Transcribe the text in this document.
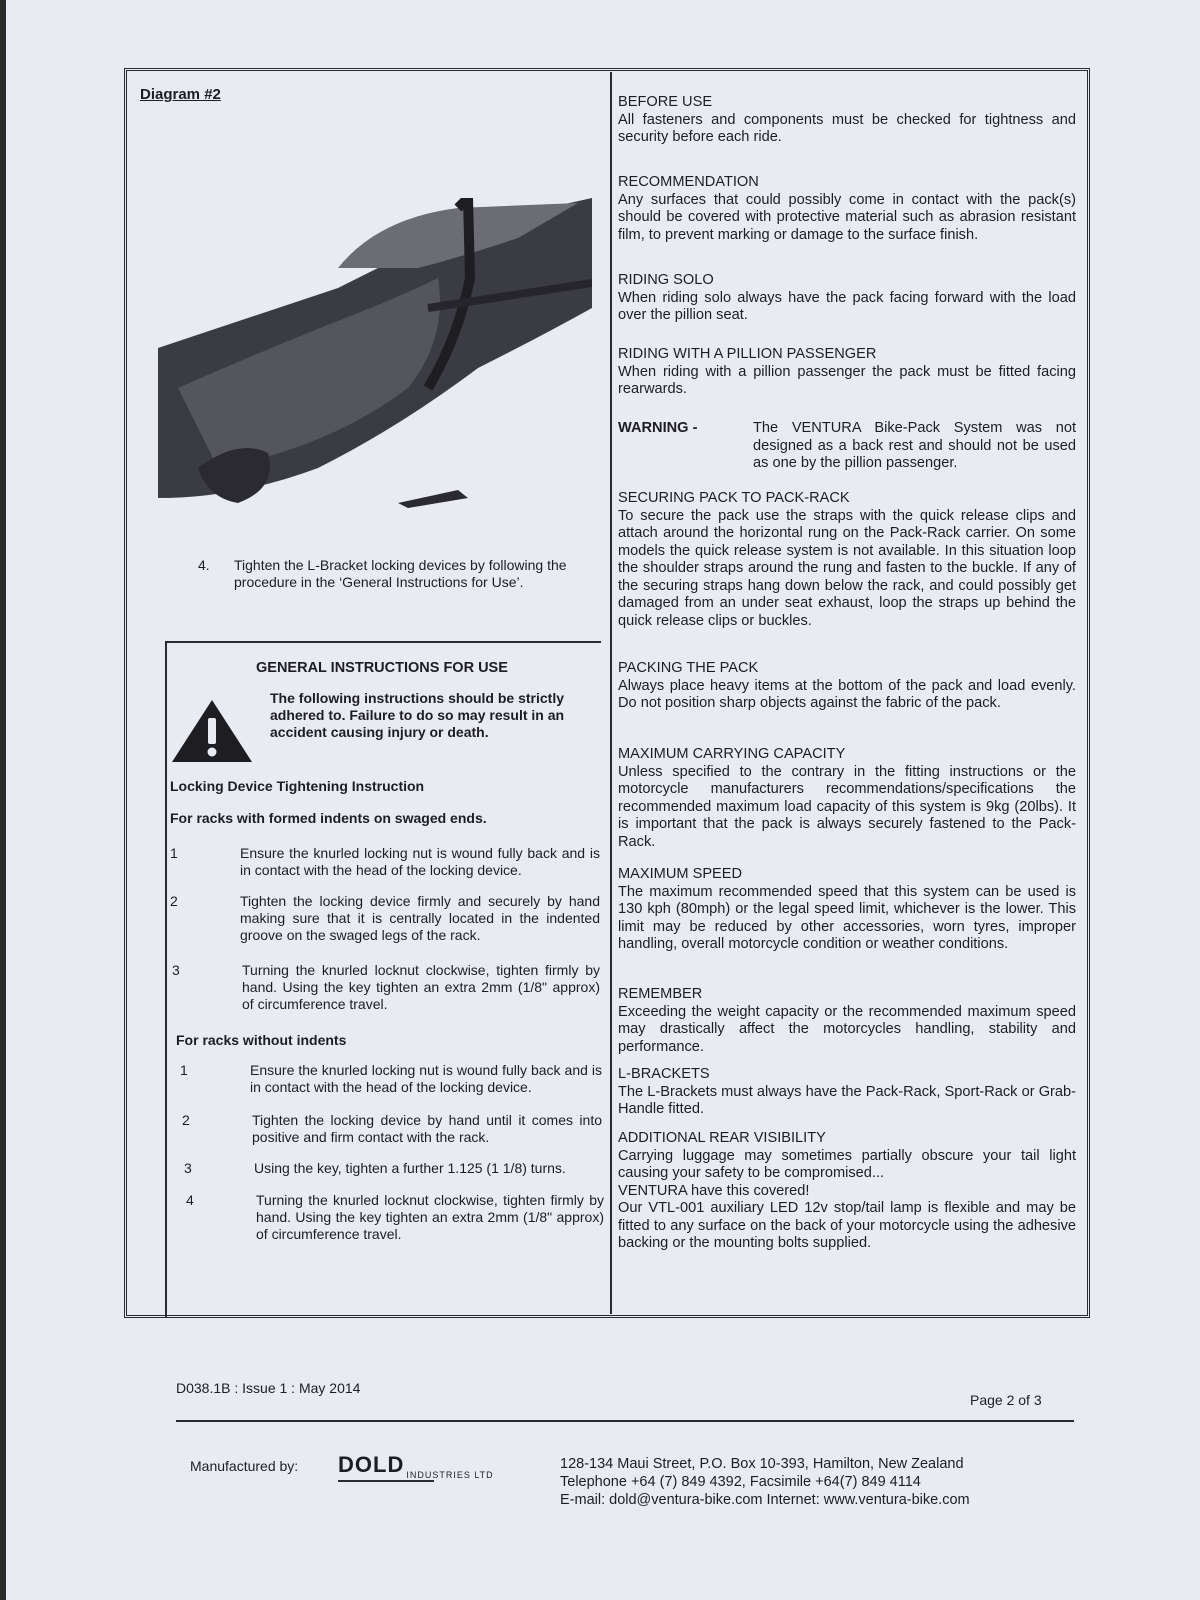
Diagram #2
4. Tighten the L-Bracket locking devices by following the procedure in the ‘General Instructions for Use’.
GENERAL INSTRUCTIONS FOR USE
The following instructions should be strictly adhered to. Failure to do so may result in an accident causing injury or death.
Locking Device Tightening Instruction
For racks with formed indents on swaged ends.
1	Ensure the knurled locking nut is wound fully back and is in contact with the head of the locking device.
2	Tighten the locking device firmly and securely by hand making sure that it is centrally located in the indented groove on the swaged legs of the rack.
3	Turning the knurled locknut clockwise, tighten firmly by hand. Using the key tighten an extra 2mm (1/8" approx) of circumference travel.
For racks without indents
1	Ensure the knurled locking nut is wound fully back and is in contact with the head of the locking device.
2	Tighten the locking device by hand until it comes into positive and firm contact with the rack.
3	Using the key, tighten a further 1.125 (1 1/8) turns.
4	Turning the knurled locknut clockwise, tighten firmly by hand. Using the key tighten an extra 2mm (1/8" approx) of circumference travel.
BEFORE USE
All fasteners and components must be checked for tightness and security before each ride.
RECOMMENDATION
Any surfaces that could possibly come in contact with the pack(s) should be covered with protective material such as abrasion resistant film, to prevent marking or damage to the surface finish.
RIDING SOLO
When riding solo always have the pack facing forward with the load over the pillion seat.
RIDING WITH A PILLION PASSENGER
When riding with a pillion passenger the pack must be fitted facing rearwards.
WARNING -	The VENTURA Bike-Pack System was not designed as a back rest and should not be used as one by the pillion passenger.
SECURING PACK TO PACK-RACK
To secure the pack use the straps with the quick release clips and attach around the horizontal rung on the Pack-Rack carrier. On some models the quick release system is not available. In this situation loop the shoulder straps around the rung and fasten to the buckle. If any of the securing straps hang down below the rack, and could possibly get damaged from an under seat exhaust, loop the straps up behind the quick release clips or buckles.
PACKING THE PACK
Always place heavy items at the bottom of the pack and load evenly. Do not position sharp objects against the fabric of the pack.
MAXIMUM CARRYING CAPACITY
Unless specified to the contrary in the fitting instructions or the motorcycle manufacturers recommendations/specifications the recommended maximum load capacity of this system is 9kg (20lbs). It is important that the pack is always securely fastened to the Pack-Rack.
MAXIMUM SPEED
The maximum recommended speed that this system can be used is 130 kph (80mph) or the legal speed limit, whichever is the lower. This limit may be reduced by other accessories, worn tyres, improper handling, overall motorcycle condition or weather conditions.
REMEMBER
Exceeding the weight capacity or the recommended maximum speed may drastically affect the motorcycles handling, stability and performance.
L-BRACKETS
The L-Brackets must always have the Pack-Rack, Sport-Rack or Grab-Handle fitted.
ADDITIONAL REAR VISIBILITY
Carrying luggage may sometimes partially obscure your tail light causing your safety to be compromised...
VENTURA have this covered!
Our VTL-001 auxiliary LED 12v stop/tail lamp is flexible and may be fitted to any surface on the back of your motorcycle using the adhesive backing or the mounting bolts supplied.
D038.1B : Issue 1 : May 2014
Page 2 of 3
Manufactured by: DOLD $_{INDUSTRIES LTD}$
128-134 Maui Street, P.O. Box 10-393, Hamilton, New Zealand
Telephone +64 (7) 849 4392, Facsimile +64(7) 849 4114
E-mail: dold@ventura-bike.com Internet: www.ventura-bike.com
